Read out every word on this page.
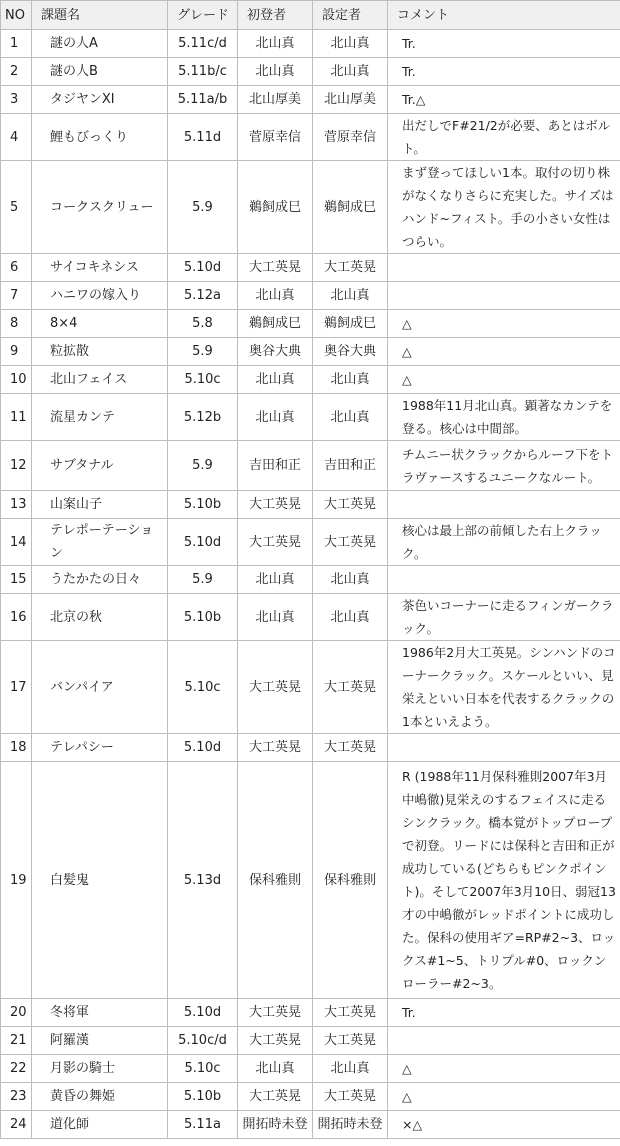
NO	課題名	グレード	初登者	設定者	コメント
1	謎の人A	5.11c/d	北山真	北山真	Tr.
2	謎の人B	5.11b/c	北山真	北山真	Tr.
3	タジヤンXI	5.11a/b	北山厚美	北山厚美	Tr.△
4	鯉もびっくり	5.11d	菅原幸信	菅原幸信	出だしでF#21/2が必要、あとはボルト。
5	コークスクリュー	5.9	鵜飼成巳	鵜飼成巳	まず登ってほしい1本。取付の切り株がなくなりさらに充実した。サイズはハンド~フィスト。手の小さい女性はつらい。
6	サイコキネシス	5.10d	大工英晃	大工英晃	
7	ハニワの嫁入り	5.12a	北山真	北山真	
8	8×4	5.8	鵜飼成巳	鵜飼成巳	△
9	粒拡散	5.9	奥谷大典	奥谷大典	△
10	北山フェイス	5.10c	北山真	北山真	△
11	流星カンテ	5.12b	北山真	北山真	1988年11月北山真。顕著なカンテを登る。核心は中間部。
12	サブタナル	5.9	吉田和正	吉田和正	チムニー状クラックからルーフ下をトラヴァースするユニークなルート。
13	山案山子	5.10b	大工英晃	大工英晃	
14	テレポーテーション	5.10d	大工英晃	大工英晃	核心は最上部の前傾した右上クラック。
15	うたかたの日々	5.9	北山真	北山真	
16	北京の秋	5.10b	北山真	北山真	茶色いコーナーに走るフィンガークラック。
17	バンパイア	5.10c	大工英晃	大工英晃	1986年2月大工英晃。シンハンドのコーナークラック。スケールといい、見栄えといい日本を代表するクラックの1本といえよう。
18	テレパシー	5.10d	大工英晃	大工英晃	
19	白髪鬼	5.13d	保科雅則	保科雅則	R (1988年11月保科雅則2007年3月中嶋徹)見栄えのするフェイスに走るシンクラック。橋本覚がトップロープで初登。リードには保科と吉田和正が成功している(どちらもピンクポイント)。そして2007年3月10日、弱冠13才の中嶋徹がレッドポイントに成功した。保科の使用ギア=RP#2~3、ロックス#1~5、トリプル#0、ロックンローラー#2~3。
20	冬将軍	5.10d	大工英晃	大工英晃	Tr.
21	阿羅漢	5.10c/d	大工英晃	大工英晃	
22	月影の騎士	5.10c	北山真	北山真	△
23	黄昏の舞姫	5.10b	大工英晃	大工英晃	△
24	道化師	5.11a	開拓時未登	開拓時未登	×△
